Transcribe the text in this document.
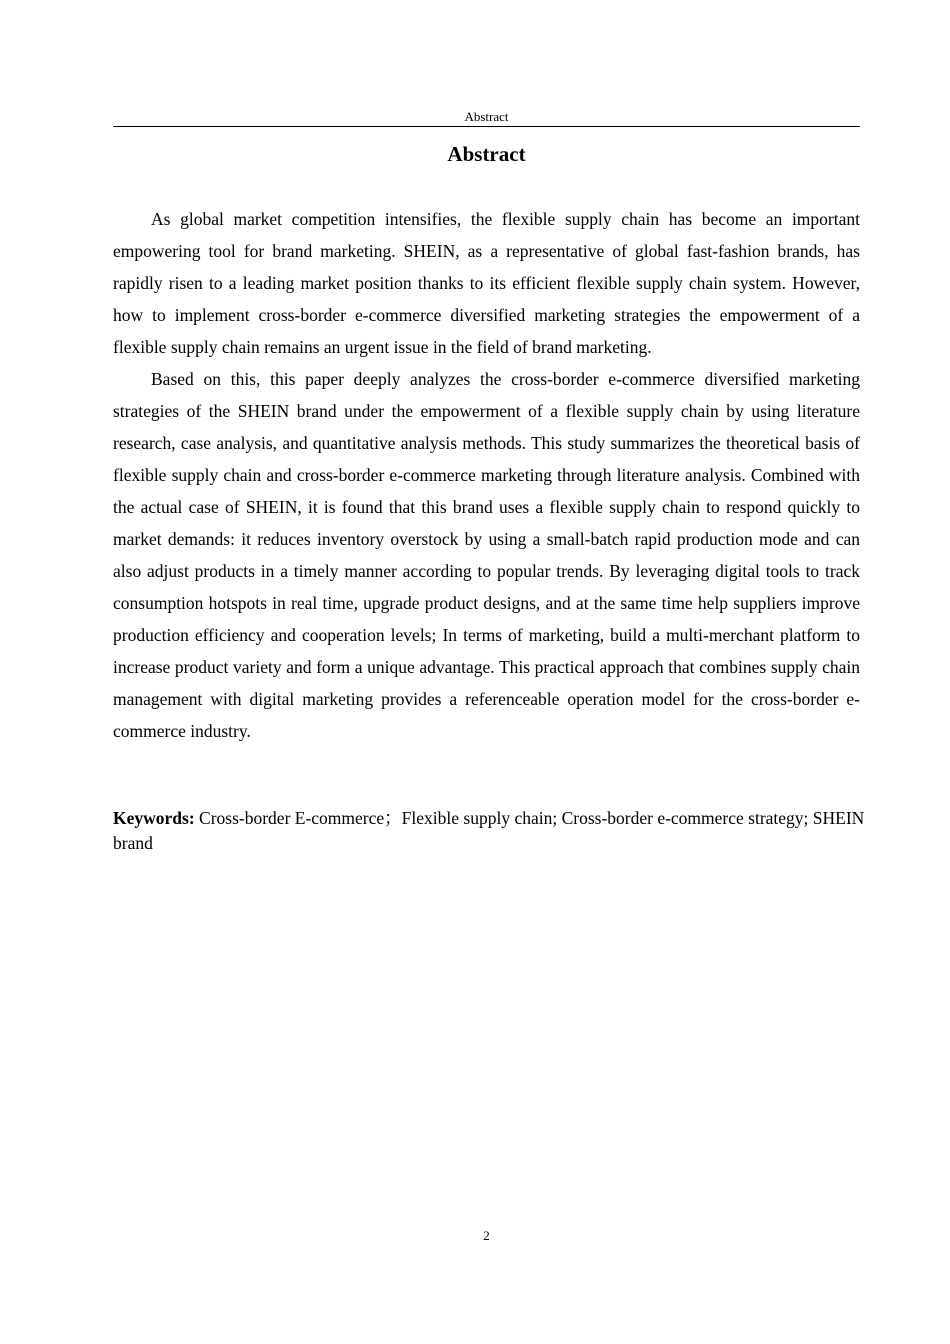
Abstract
Abstract

As global market competition intensifies, the flexible supply chain has become an important empowering tool for brand marketing. SHEIN, as a representative of global fast-fashion brands, has rapidly risen to a leading market position thanks to its efficient flexible supply chain system. However, how to implement cross-border e-commerce diversified marketing strategies the empowerment of a flexible supply chain remains an urgent issue in the field of brand marketing.

Based on this, this paper deeply analyzes the cross-border e-commerce diversified marketing strategies of the SHEIN brand under the empowerment of a flexible supply chain by using literature research, case analysis, and quantitative analysis methods. This study summarizes the theoretical basis of flexible supply chain and cross-border e-commerce marketing through literature analysis. Combined with the actual case of SHEIN, it is found that this brand uses a flexible supply chain to respond quickly to market demands: it reduces inventory overstock by using a small-batch rapid production mode and can also adjust products in a timely manner according to popular trends. By leveraging digital tools to track consumption hotspots in real time, upgrade product designs, and at the same time help suppliers improve production efficiency and cooperation levels; In terms of marketing, build a multi-merchant platform to increase product variety and form a unique advantage. This practical approach that combines supply chain management with digital marketing provides a referenceable operation model for the cross-border e-commerce industry.

Keywords: Cross-border E-commerce；Flexible supply chain; Cross-border e-commerce strategy; SHEIN brand

2
